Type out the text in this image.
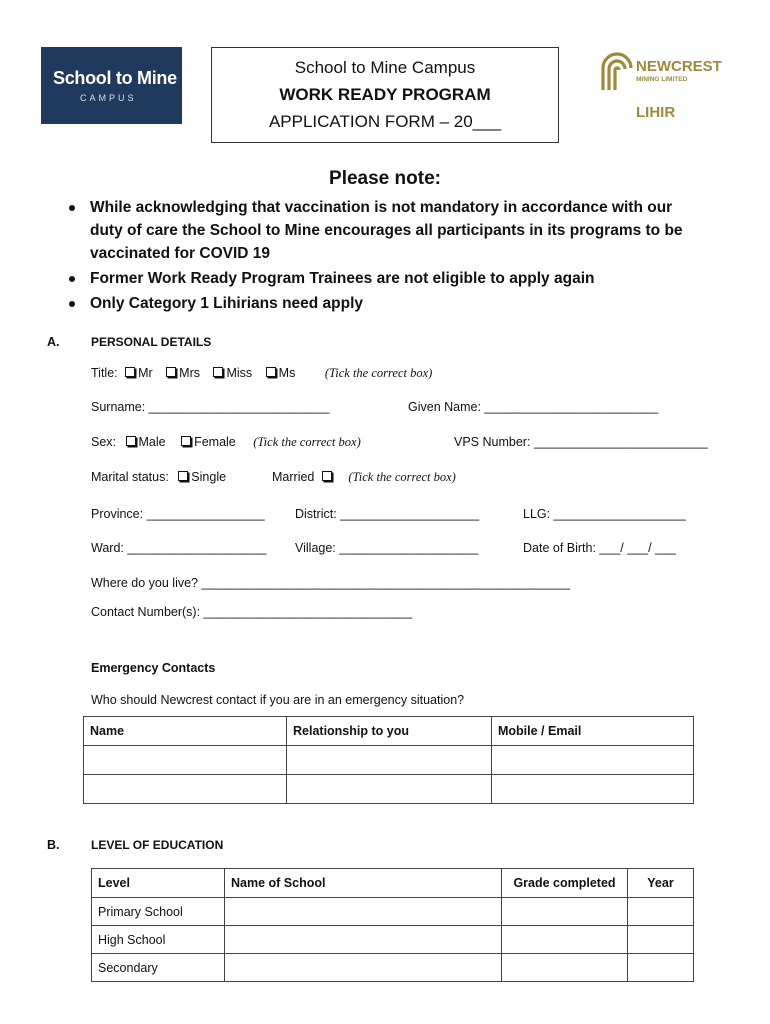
School to Mine
CAMPUS
School to Mine Campus
WORK READY PROGRAM
APPLICATION FORM – 20___
NEWCREST
MINING LIMITED
LIHIR
Please note:
While acknowledging that vaccination is not mandatory in accordance with our duty of care the School to Mine encourages all participants in its programs to be vaccinated for COVID 19
Former Work Ready Program Trainees are not eligible to apply again
Only Category 1 Lihirians need apply
A.	PERSONAL DETAILS
Title: Mr Mrs Miss Ms (Tick the correct box)
Surname: __________________________	Given Name: _________________________
Sex: Male Female (Tick the correct box)	VPS Number: _________________________
Marital status: Single	Married	(Tick the correct box)
Province: _________________ District: ____________________	LLG: ___________________
Ward: ____________________ Village: ____________________	Date of Birth: ___/ ___/ ___
Where do you live? _____________________________________________________
Contact Number(s): ______________________________
Emergency Contacts
Who should Newcrest contact if you are in an emergency situation?
Name	Relationship to you	Mobile / Email

B.	LEVEL OF EDUCATION
Level	Name of School	Grade completed	Year
Primary School			
High School			
Secondary			
